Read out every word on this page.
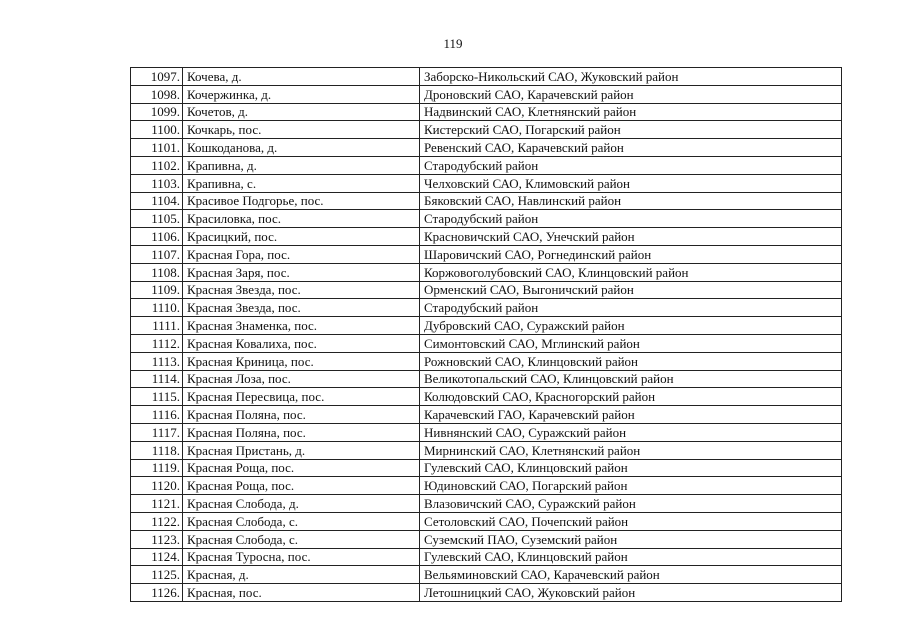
119
1097.	Кочева, д.	Заборско-Никольский САО, Жуковский район
1098.	Кочержинка, д.	Дроновский САО, Карачевский район
1099.	Кочетов, д.	Надвинский САО, Клетнянский район
1100.	Кочкарь, пос.	Кистерский САО, Погарский район
1101.	Кошкоданова, д.	Ревенский САО, Карачевский район
1102.	Крапивна, д.	Стародубский район
1103.	Крапивна, с.	Челховский САО, Климовский район
1104.	Красивое Подгорье, пос.	Бяковский САО, Навлинский район
1105.	Красиловка, пос.	Стародубский район
1106.	Красицкий, пос.	Красновичский САО, Унечский район
1107.	Красная Гора, пос.	Шаровичский САО, Рогнединский район
1108.	Красная Заря, пос.	Коржовоголубовский САО, Клинцовский район
1109.	Красная Звезда, пос.	Орменский САО, Выгоничский район
1110.	Красная Звезда, пос.	Стародубский район
1111.	Красная Знаменка, пос.	Дубровский САО, Суражский район
1112.	Красная Ковалиха, пос.	Симонтовский САО, Мглинский район
1113.	Красная Криница, пос.	Рожновский САО, Клинцовский район
1114.	Красная Лоза, пос.	Великотопальский САО, Клинцовский район
1115.	Красная Пересвица, пос.	Колюдовский САО, Красногорский район
1116.	Красная Поляна, пос.	Карачевский ГАО, Карачевский район
1117.	Красная Поляна, пос.	Нивнянский САО, Суражский район
1118.	Красная Пристань, д.	Мирнинский САО, Клетнянский район
1119.	Красная Роща, пос.	Гулевский САО, Клинцовский район
1120.	Красная Роща, пос.	Юдиновский САО, Погарский район
1121.	Красная Слобода, д.	Влазовичский САО, Суражский район
1122.	Красная Слобода, с.	Сетоловский САО, Почепский район
1123.	Красная Слобода, с.	Суземский ПАО, Суземский район
1124.	Красная Туросна, пос.	Гулевский САО, Клинцовский район
1125.	Красная, д.	Вельяминовский САО, Карачевский район
1126.	Красная, пос.	Летошницкий САО, Жуковский район
